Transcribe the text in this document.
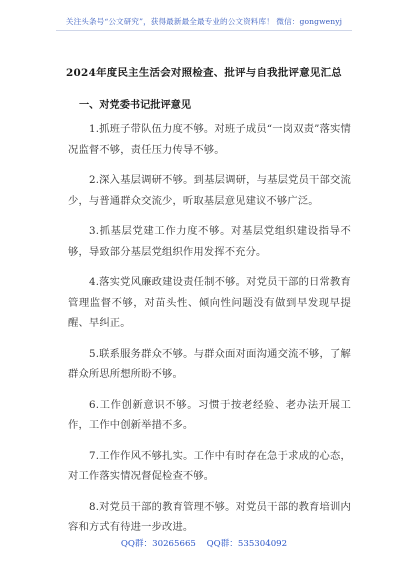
关注头条号“公文研究”，获得最新最全最专业的公文资料库！ 微信：gongwenyj
2024年度民主生活会对照检查、批评与自我批评意见汇总
一、对党委书记批评意见

1.抓班子带队伍力度不够。对班子成员“一岗双责”落实情况监督不够，责任压力传导不够。

2.深入基层调研不够。到基层调研，与基层党员干部交流少，与普通群众交流少，听取基层意见建议不够广泛。

3.抓基层党建工作力度不够。对基层党组织建设指导不够，导致部分基层党组织作用发挥不充分。

4.落实党风廉政建设责任制不够。对党员干部的日常教育管理监督不够，对苗头性、倾向性问题没有做到早发现早提醒、早纠正。

5.联系服务群众不够。与群众面对面沟通交流不够，了解群众所思所想所盼不够。

6.工作创新意识不够。习惯于按老经验、老办法开展工作，工作中创新举措不多。

7.工作作风不够扎实。工作中有时存在急于求成的心态，对工作落实情况督促检查不够。

8.对党员干部的教育管理不够。对党员干部的教育培训内容和方式有待进一步改进。

QQ群：30265665 QQ群：535304092
